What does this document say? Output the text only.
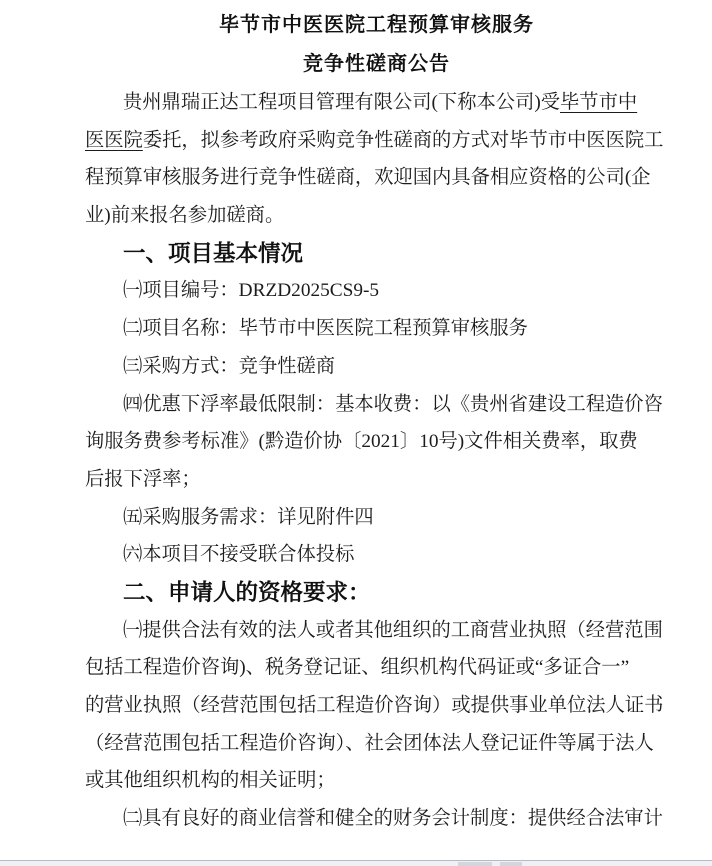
毕节市中医医院工程预算审核服务
竞争性磋商公告
贵州鼎瑞正达工程项目管理有限公司(下称本公司)受毕节市中
医医院委托，拟参考政府采购竞争性磋商的方式对毕节市中医医院工
程预算审核服务进行竞争性磋商，欢迎国内具备相应资格的公司(企
业)前来报名参加磋商。
一、项目基本情况
㈠项目编号：DRZD2025CS9-5
㈡项目名称：毕节市中医医院工程预算审核服务
㈢采购方式：竞争性磋商
㈣优惠下浮率最低限制：基本收费：以《贵州省建设工程造价咨
询服务费参考标准》(黔造价协〔2021〕10号)文件相关费率，取费
后报下浮率；
㈤采购服务需求：详见附件四
㈥本项目不接受联合体投标
二、申请人的资格要求：
㈠提供合法有效的法人或者其他组织的工商营业执照（经营范围
包括工程造价咨询)、税务登记证、组织机构代码证或“多证合一”
的营业执照（经营范围包括工程造价咨询）或提供事业单位法人证书
（经营范围包括工程造价咨询）、社会团体法人登记证件等属于法人
或其他组织机构的相关证明；
㈡具有良好的商业信誉和健全的财务会计制度：提供经合法审计
